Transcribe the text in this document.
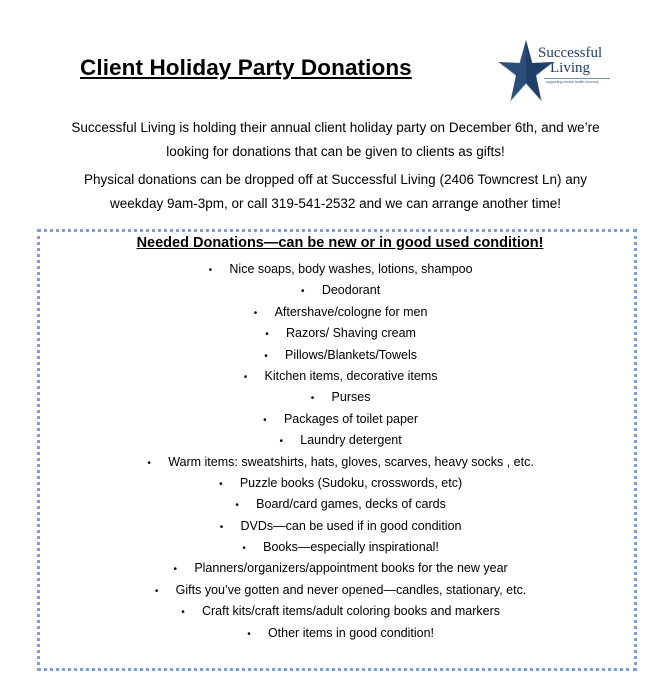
Client Holiday Party Donations
Successful
Living
supporting mental health recovery

Successful Living is holding their annual client holiday party on December 6th, and we’re
looking for donations that can be given to clients as gifts!

Physical donations can be dropped off at Successful Living (2406 Towncrest Ln) any
weekday 9am-3pm, or call 319-541-2532 and we can arrange another time!

Needed Donations—can be new or in good used condition!
• Nice soaps, body washes, lotions, shampoo
• Deodorant
• Aftershave/cologne for men
• Razors/ Shaving cream
• Pillows/Blankets/Towels
• Kitchen items, decorative items
• Purses
• Packages of toilet paper
• Laundry detergent
• Warm items: sweatshirts, hats, gloves, scarves, heavy socks , etc.
• Puzzle books (Sudoku, crosswords, etc)
• Board/card games, decks of cards
• DVDs—can be used if in good condition
• Books—especially inspirational!
• Planners/organizers/appointment books for the new year
• Gifts you’ve gotten and never opened—candles, stationary, etc.
• Craft kits/craft items/adult coloring books and markers
• Other items in good condition!
